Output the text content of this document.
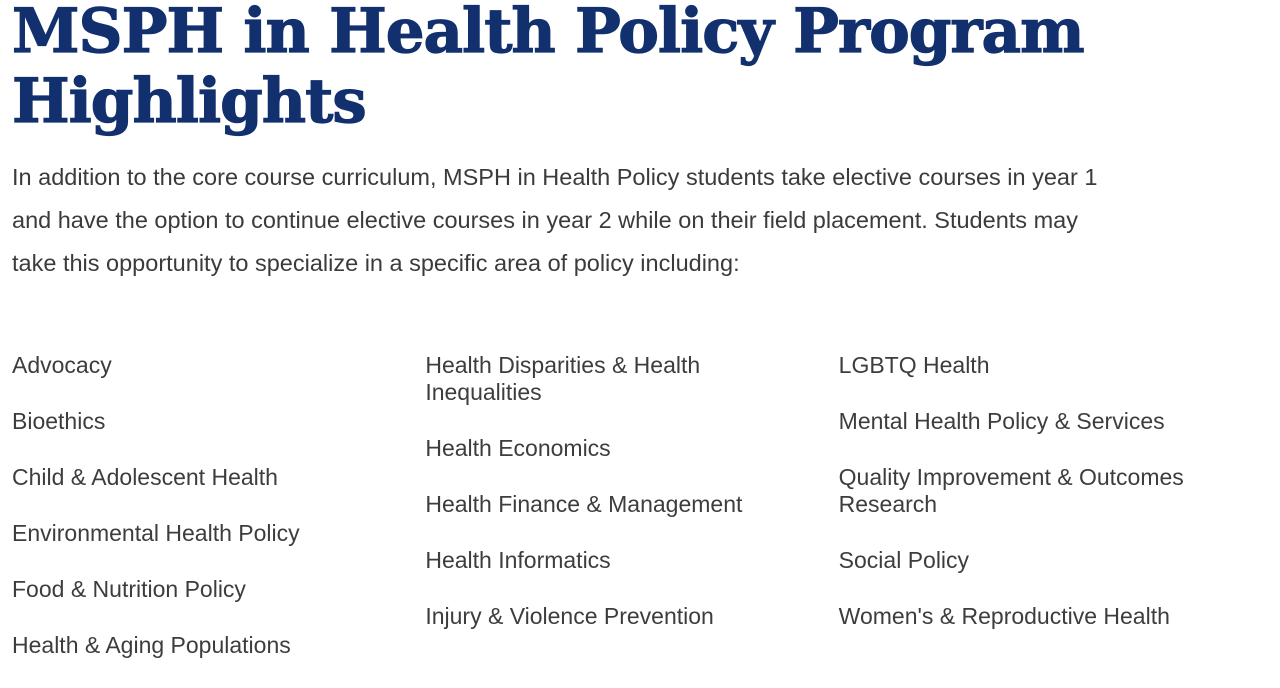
MSPH in Health Policy Program
Highlights

In addition to the core course curriculum, MSPH in Health Policy students take elective courses in year 1
and have the option to continue elective courses in year 2 while on their field placement. Students may
take this opportunity to specialize in a specific area of policy including:

Advocacy
Bioethics
Child & Adolescent Health
Environmental Health Policy
Food & Nutrition Policy
Health & Aging Populations
Health Disparities & Health Inequalities
Health Economics
Health Finance & Management
Health Informatics
Injury & Violence Prevention
LGBTQ Health
Mental Health Policy & Services
Quality Improvement & Outcomes Research
Social Policy
Women's & Reproductive Health
